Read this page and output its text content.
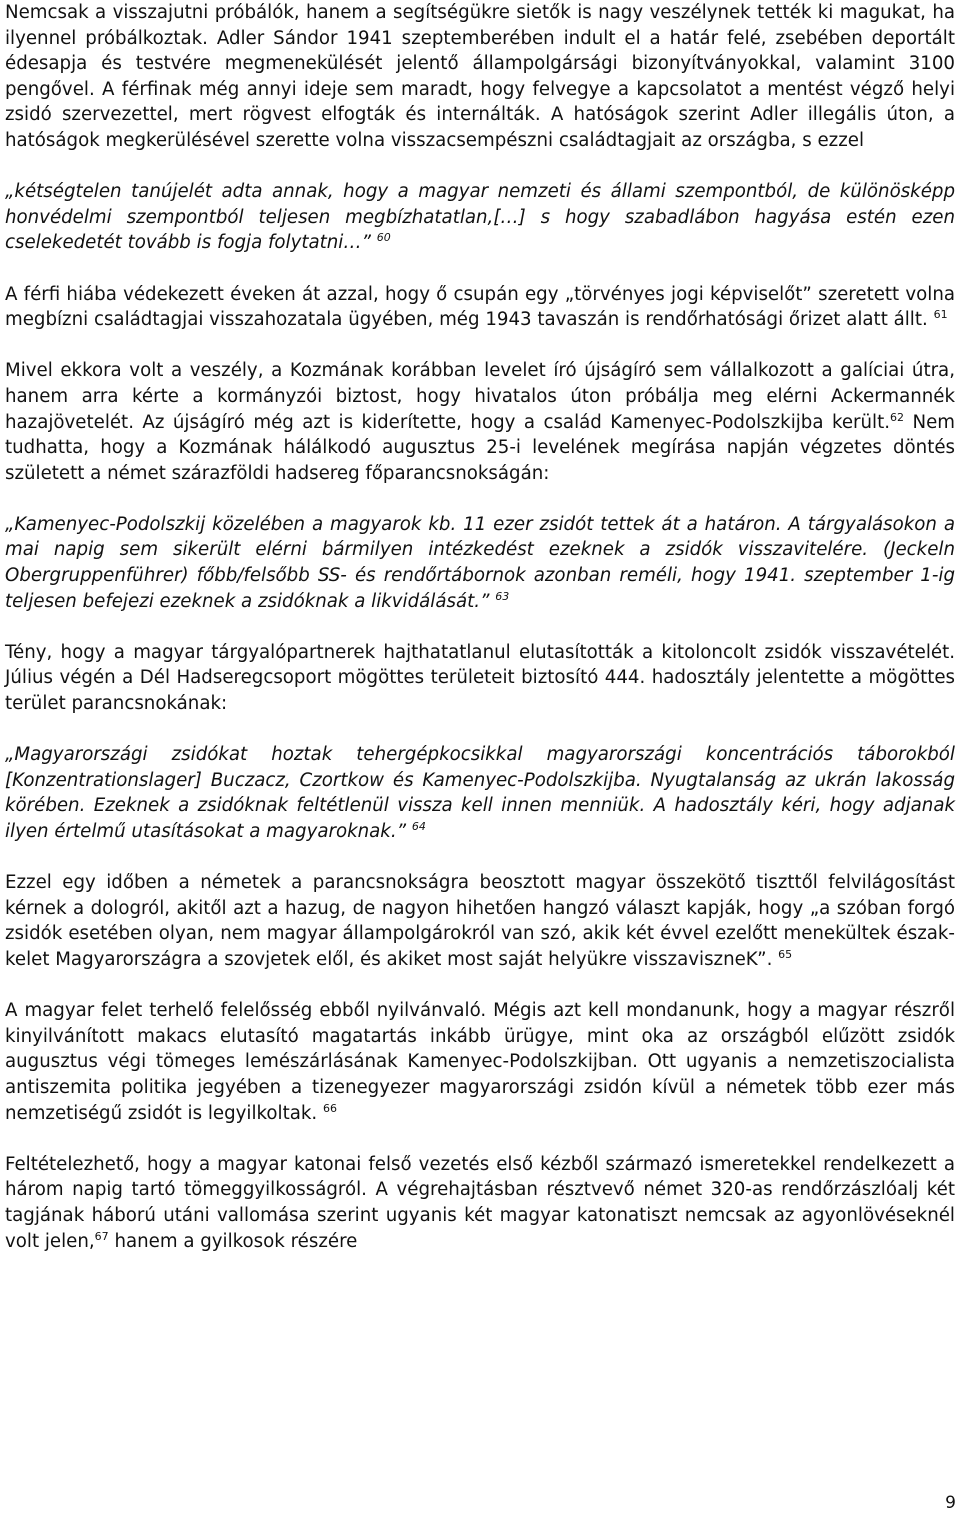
Nemcsak a visszajutni próbálók, hanem a segítségükre sietők is nagy veszélynek tették ki magukat, ha ilyennel próbálkoztak. Adler Sándor 1941 szeptemberében indult el a határ felé, zsebében deportált édesapja és testvére megmenekülését jelentő állampolgársági bizonyítványokkal, valamint 3100 pengővel. A férfinak még annyi ideje sem maradt, hogy felvegye a kapcsolatot a mentést végző helyi zsidó szervezettel, mert rögvest elfogták és internálták. A hatóságok szerint Adler illegális úton, a hatóságok megkerülésével szerette volna visszacsempészni családtagjait az országba, s ezzel

„kétségtelen tanújelét adta annak, hogy a magyar nemzeti és állami szempontból, de különösképp honvédelmi szempontból teljesen megbízhatatlan,[…] s hogy szabadlábon hagyása estén ezen cselekedetét tovább is fogja folytatni…” $^{60}$

A férfi hiába védekezett éveken át azzal, hogy ő csupán egy „törvényes jogi képviselőt” szeretett volna megbízni családtagjai visszahozatala ügyében, még 1943 tavaszán is rendőrhatósági őrizet alatt állt. $^{61}$

Mivel ekkora volt a veszély, a Kozmának korábban levelet író újságíró sem vállalkozott a galíciai útra, hanem arra kérte a kormányzói biztost, hogy hivatalos úton próbálja meg elérni Ackermannék hazajövetelét. Az újságíró még azt is kiderítette, hogy a család Kamenyec-Podolszkijba került.$^{62}$ Nem tudhatta, hogy a Kozmának hálálkodó augusztus 25-i levelének megírása napján végzetes döntés született a német szárazföldi hadsereg főparancsnokságán:

„Kamenyec-Podolszkij közelében a magyarok kb. 11 ezer zsidót tettek át a határon. A tárgyalásokon a mai napig sem sikerült elérni bármilyen intézkedést ezeknek a zsidók visszavitelére. (Jeckeln Obergruppenführer) főbb/felsőbb SS- és rendőrtábornok azonban reméli, hogy 1941. szeptember 1-ig teljesen befejezi ezeknek a zsidóknak a likvidálását.” $^{63}$

Tény, hogy a magyar tárgyalópartnerek hajthatatlanul elutasították a kitoloncolt zsidók visszavételét. Július végén a Dél Hadseregcsoport mögöttes területeit biztosító 444. hadosztály jelentette a mögöttes terület parancsnokának:

„Magyarországi zsidókat hoztak tehergépkocsikkal magyarországi koncentrációs táborokból [Konzentrationslager] Buczacz, Czortkow és Kamenyec-Podolszkijba. Nyugtalanság az ukrán lakosság körében. Ezeknek a zsidóknak feltétlenül vissza kell innen menniük. A hadosztály kéri, hogy adjanak ilyen értelmű utasításokat a magyaroknak.” $^{64}$

Ezzel egy időben a németek a parancsnokságra beosztott magyar összekötő tiszttől felvilágosítást kérnek a dologról, akitől azt a hazug, de nagyon hihetően hangzó választ kapják, hogy „a szóban forgó zsidók esetében olyan, nem magyar állampolgárokról van szó, akik két évvel ezelőtt menekültek észak-kelet Magyarországra a szovjetek elől, és akiket most saját helyükre visszaviszneK”. $^{65}$

A magyar felet terhelő felelősség ebből nyilvánvaló. Mégis azt kell mondanunk, hogy a magyar részről kinyilvánított makacs elutasító magatartás inkább ürügye, mint oka az országból elűzött zsidók augusztus végi tömeges lemészárlásának Kamenyec-Podolszkijban. Ott ugyanis a nemzetiszocialista antiszemita politika jegyében a tizenegyezer magyarországi zsidón kívül a németek több ezer más nemzetiségű zsidót is legyilkoltak. $^{66}$

Feltételezhető, hogy a magyar katonai felső vezetés első kézből származó ismeretekkel rendelkezett a három napig tartó tömeggyilkosságról. A végrehajtásban résztvevő német 320-as rendőrzászlóalj két tagjának háború utáni vallomása szerint ugyanis két magyar katonatiszt nemcsak az agyonlövéseknél volt jelen,$^{67}$ hanem a gyilkosok részére

9
